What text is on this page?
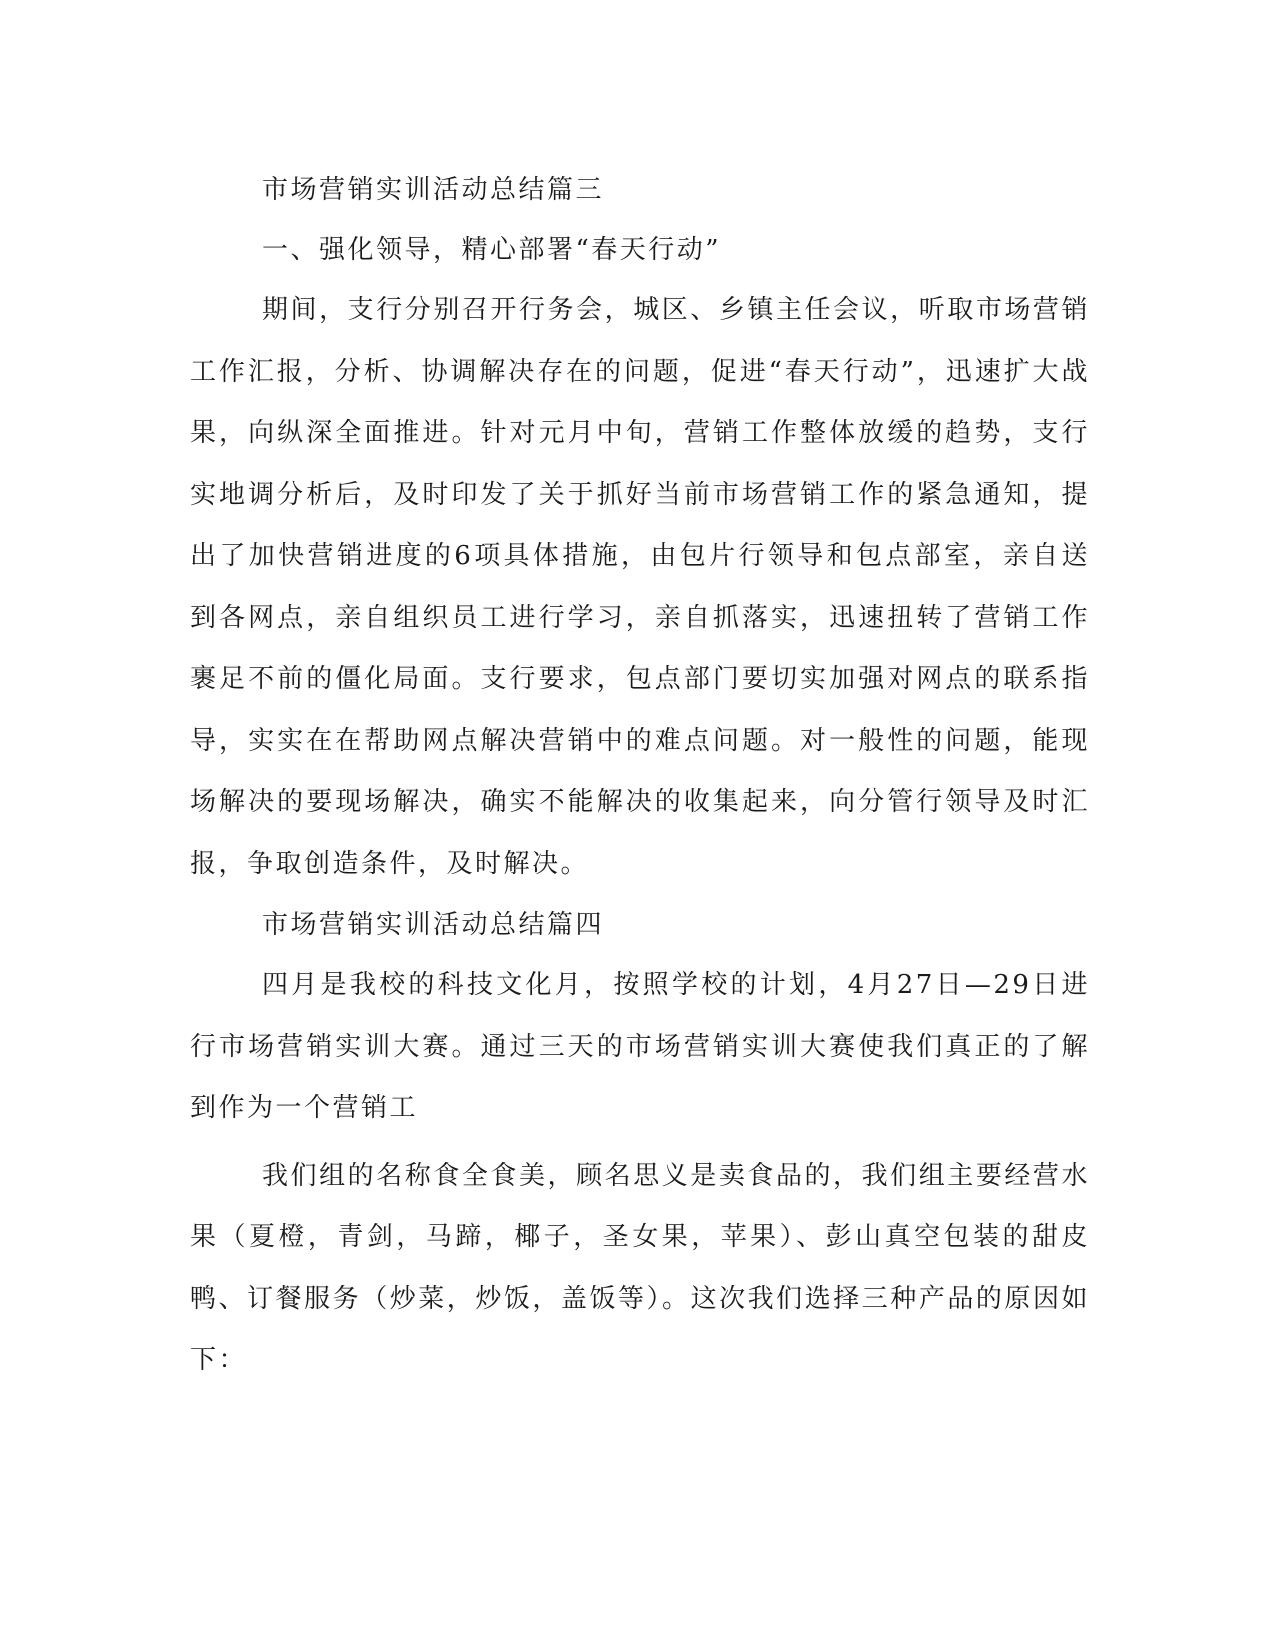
市场营销实训活动总结篇三
一、强化领导，精心部署“春天行动”

期间，支行分别召开行务会，城区、乡镇主任会议，听取市场营销工作汇报，分析、协调解决存在的问题，促进“春天行动”，迅速扩大战果，向纵深全面推进。针对元月中旬，营销工作整体放缓的趋势，支行实地调分析后，及时印发了关于抓好当前市场营销工作的紧急通知，提出了加快营销进度的6项具体措施，由包片行领导和包点部室，亲自送到各网点，亲自组织员工进行学习，亲自抓落实，迅速扭转了营销工作裹足不前的僵化局面。支行要求，包点部门要切实加强对网点的联系指导，实实在在帮助网点解决营销中的难点问题。对一般性的问题，能现场解决的要现场解决，确实不能解决的收集起来，向分管行领导及时汇报，争取创造条件，及时解决。

市场营销实训活动总结篇四

四月是我校的科技文化月，按照学校的计划，4月27日—29日进行市场营销实训大赛。通过三天的市场营销实训大赛使我们真正的了解到作为一个营销工

我们组的名称食全食美，顾名思义是卖食品的，我们组主要经营水果（夏橙，青剑，马蹄，椰子，圣女果，苹果）、彭山真空包装的甜皮鸭、订餐服务（炒菜，炒饭，盖饭等）。这次我们选择三种产品的原因如下：
